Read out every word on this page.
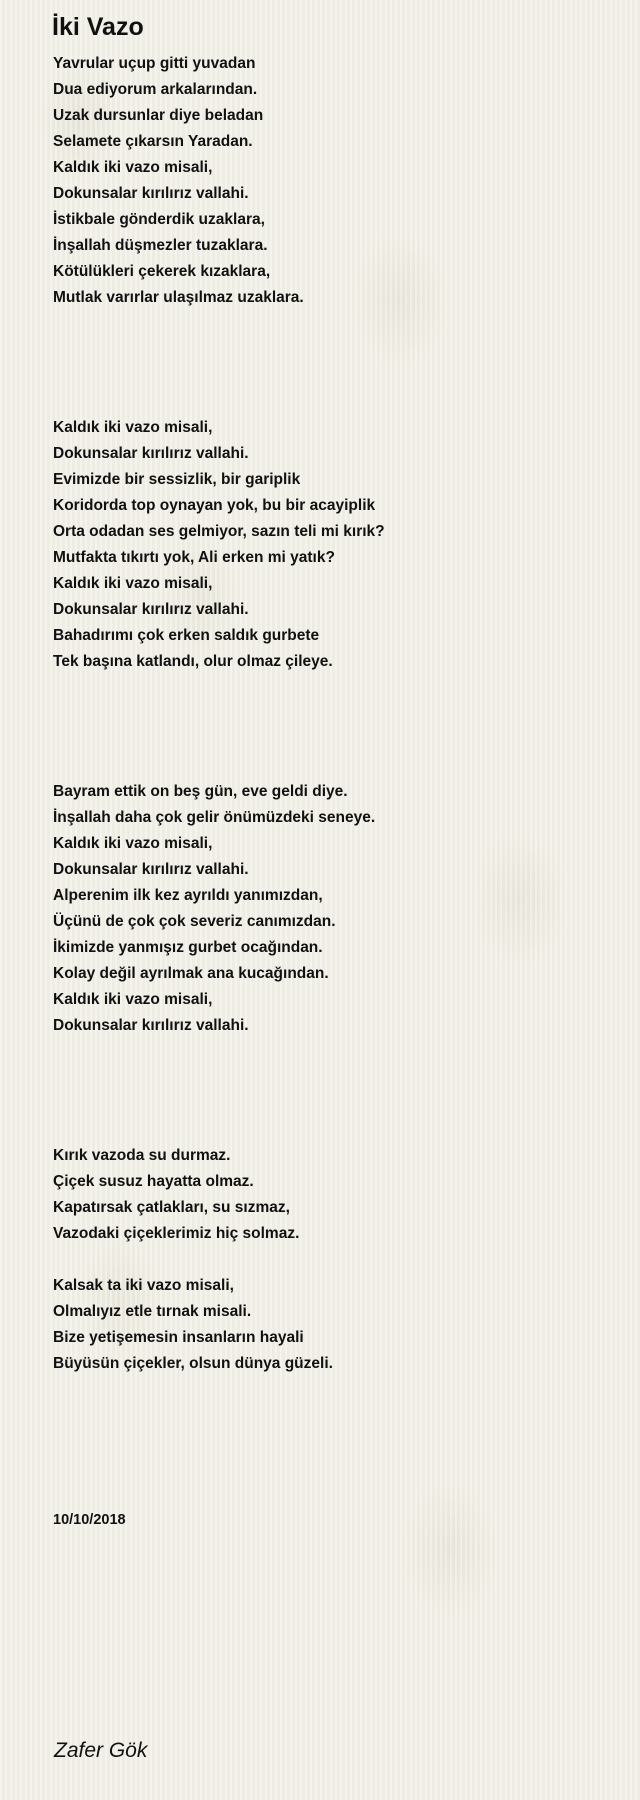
İki Vazo
Yavrular uçup gitti yuvadan
Dua ediyorum arkalarından.
Uzak dursunlar diye beladan
Selamete çıkarsın Yaradan.
Kaldık iki vazo misali,
Dokunsalar kırılırız vallahi.
İstikbale gönderdik uzaklara,
İnşallah düşmezler tuzaklara.
Kötülükleri çekerek kızaklara,
Mutlak varırlar ulaşılmaz uzaklara.
Kaldık iki vazo misali,
Dokunsalar kırılırız vallahi.
Evimizde bir sessizlik, bir gariplik
Koridorda top oynayan yok, bu bir acayiplik
Orta odadan ses gelmiyor, sazın teli mi kırık?
Mutfakta tıkırtı yok, Ali erken mi yatık?
Kaldık iki vazo misali,
Dokunsalar kırılırız vallahi.
Bahadırımı çok erken saldık gurbete
Tek başına katlandı, olur olmaz çileye.
Bayram ettik on beş gün, eve geldi diye.
İnşallah daha çok gelir önümüzdeki seneye.
Kaldık iki vazo misali,
Dokunsalar kırılırız vallahi.
Alperenim ilk kez ayrıldı yanımızdan,
Üçünü de çok çok severiz canımızdan.
İkimizde yanmışız gurbet ocağından.
Kolay değil ayrılmak ana kucağından.
Kaldık iki vazo misali,
Dokunsalar kırılırız vallahi.
Kırık vazoda su durmaz.
Çiçek susuz hayatta olmaz.
Kapatırsak çatlakları, su sızmaz,
Vazodaki çiçeklerimiz hiç solmaz.
Kalsak ta iki vazo misali,
Olmalıyız etle tırnak misali.
Bize yetişemesin insanların hayali
Büyüsün çiçekler, olsun dünya güzeli.
10/10/2018
Zafer Gök
